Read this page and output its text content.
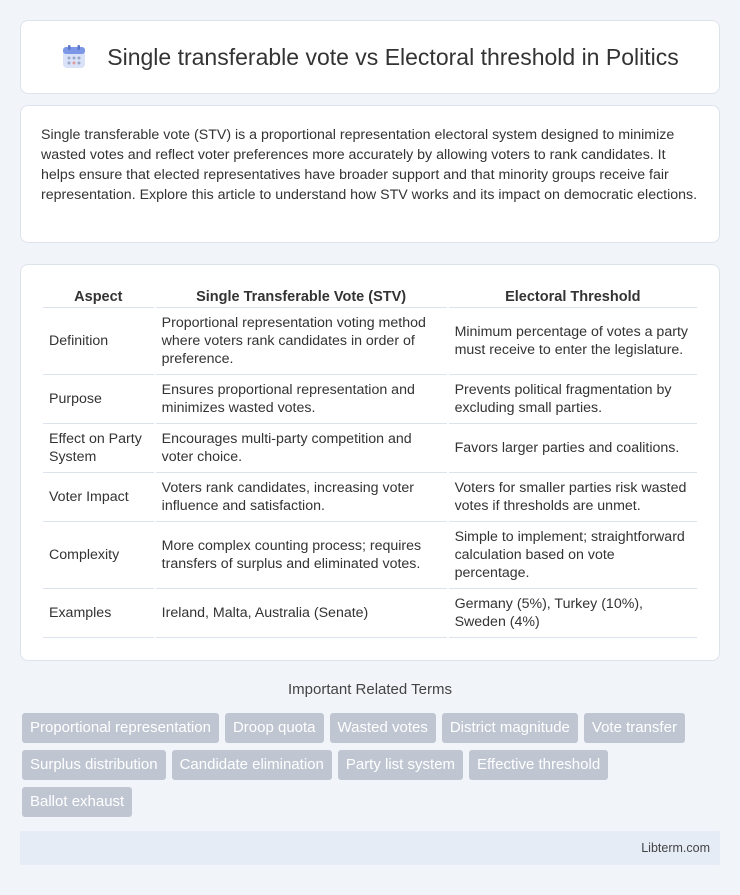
Single transferable vote vs Electoral threshold in Politics

Single transferable vote (STV) is a proportional representation electoral system designed to minimize wasted votes and reflect voter preferences more accurately by allowing voters to rank candidates. It helps ensure that elected representatives have broader support and that minority groups receive fair representation. Explore this article to understand how STV works and its impact on democratic elections.

Aspect	Single Transferable Vote (STV)	Electoral Threshold
Definition	Proportional representation voting method where voters rank candidates in order of preference.	Minimum percentage of votes a party must receive to enter the legislature.
Purpose	Ensures proportional representation and minimizes wasted votes.	Prevents political fragmentation by excluding small parties.
Effect on Party System	Encourages multi-party competition and voter choice.	Favors larger parties and coalitions.
Voter Impact	Voters rank candidates, increasing voter influence and satisfaction.	Voters for smaller parties risk wasted votes if thresholds are unmet.
Complexity	More complex counting process; requires transfers of surplus and eliminated votes.	Simple to implement; straightforward calculation based on vote percentage.
Examples	Ireland, Malta, Australia (Senate)	Germany (5%), Turkey (10%), Sweden (4%)
Important Related Terms
Proportional representation	Droop quota	Wasted votes	District magnitude	Vote transfer
Surplus distribution	Candidate elimination	Party list system	Effective threshold
Ballot exhaust
Libterm.com
